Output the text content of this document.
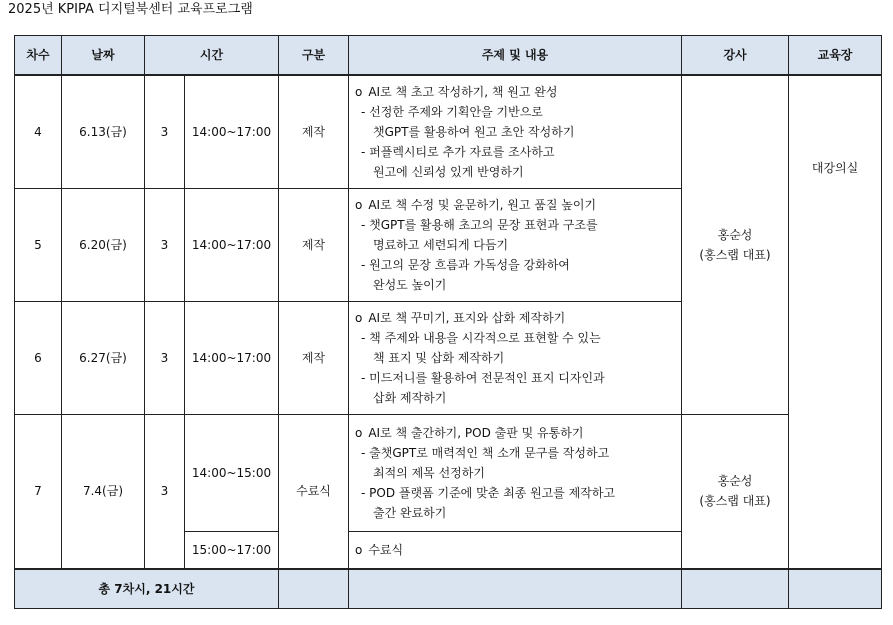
2025년 KPIPA 디지털북센터 교육프로그램
차수	날짜	시간		구분	주제 및 내용	강사	교육장
4	6.13(금)	3	14:00~17:00	제작	o AI로 책 초고 작성하기, 책 원고 완성
- 선정한 주제와 기획안을 기반으로
챗GPT를 활용하여 원고 초안 작성하기
- 퍼플렉시티로 추가 자료를 조사하고
원고에 신뢰성 있게 반영하기	홍순성
(홍스랩 대표)	대강의실
5	6.20(금)	3	14:00~17:00	제작	o AI로 책 수정 및 윤문하기, 원고 품질 높이기
- 챗GPT를 활용해 초고의 문장 표현과 구조를
명료하고 세련되게 다듬기
- 원고의 문장 흐름과 가독성을 강화하여
완성도 높이기

6	6.27(금)	3	14:00~17:00	제작	o AI로 책 꾸미기, 표지와 삽화 제작하기
- 책 주제와 내용을 시각적으로 표현할 수 있는
책 표지 및 삽화 제작하기
- 미드저니를 활용하여 전문적인 표지 디자인과
삽화 제작하기

7	7.4(금)	3	14:00~15:00	수료식	o AI로 책 출간하기, POD 출판 및 유통하기
- 출챗GPT로 매력적인 책 소개 문구를 작성하고
최적의 제목 선정하기
- POD 플랫폼 기준에 맞춘 최종 원고를 제작하고
출간 완료하기	홍순성
(홍스랩 대표)	

			15:00~17:00		o 수료식

총 7차시, 21시간							
